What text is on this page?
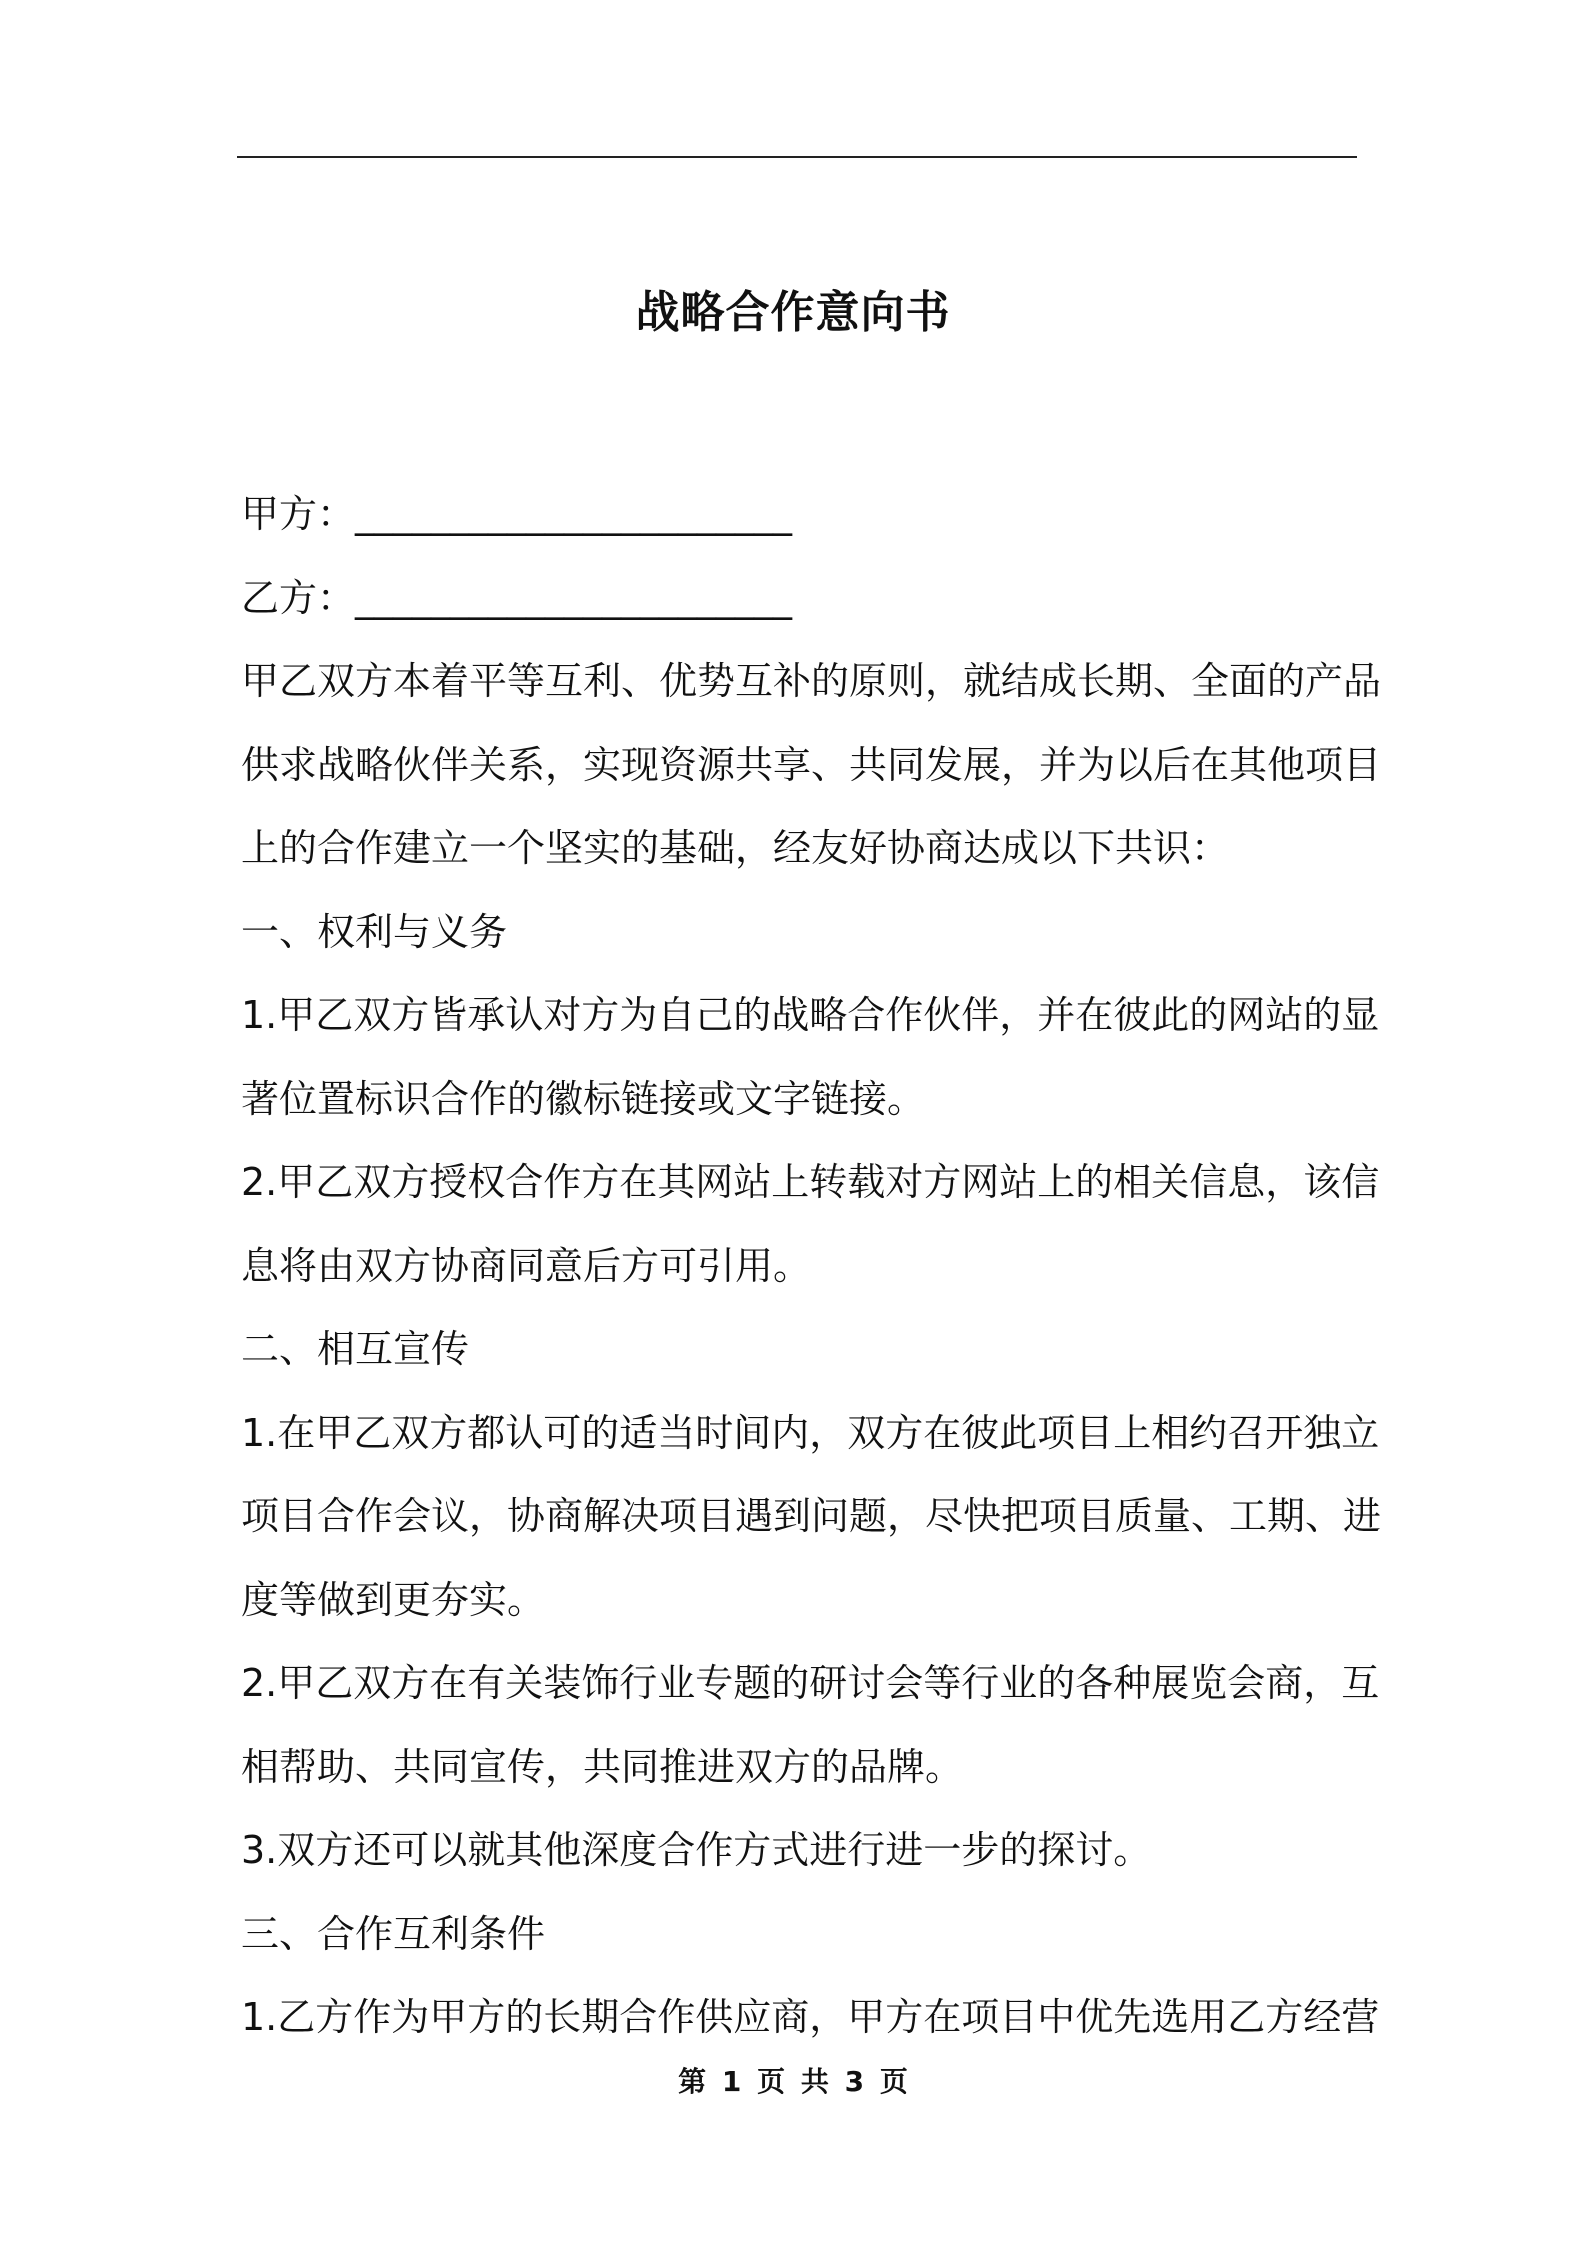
战略合作意向书
甲方：_______________________
乙方：_______________________
甲乙双方本着平等互利、优势互补的原则，就结成长期、全面的产品
供求战略伙伴关系，实现资源共享、共同发展，并为以后在其他项目
上的合作建立一个坚实的基础，经友好协商达成以下共识：
一、权利与义务
1.甲乙双方皆承认对方为自己的战略合作伙伴，并在彼此的网站的显
著位置标识合作的徽标链接或文字链接。
2.甲乙双方授权合作方在其网站上转载对方网站上的相关信息，该信
息将由双方协商同意后方可引用。
二、相互宣传
1.在甲乙双方都认可的适当时间内，双方在彼此项目上相约召开独立
项目合作会议，协商解决项目遇到问题，尽快把项目质量、工期、进
度等做到更夯实。
2.甲乙双方在有关装饰行业专题的研讨会等行业的各种展览会商，互
相帮助、共同宣传，共同推进双方的品牌。
3.双方还可以就其他深度合作方式进行进一步的探讨。
三、合作互利条件
1.乙方作为甲方的长期合作供应商，甲方在项目中优先选用乙方经营
第 1 页 共 3 页
